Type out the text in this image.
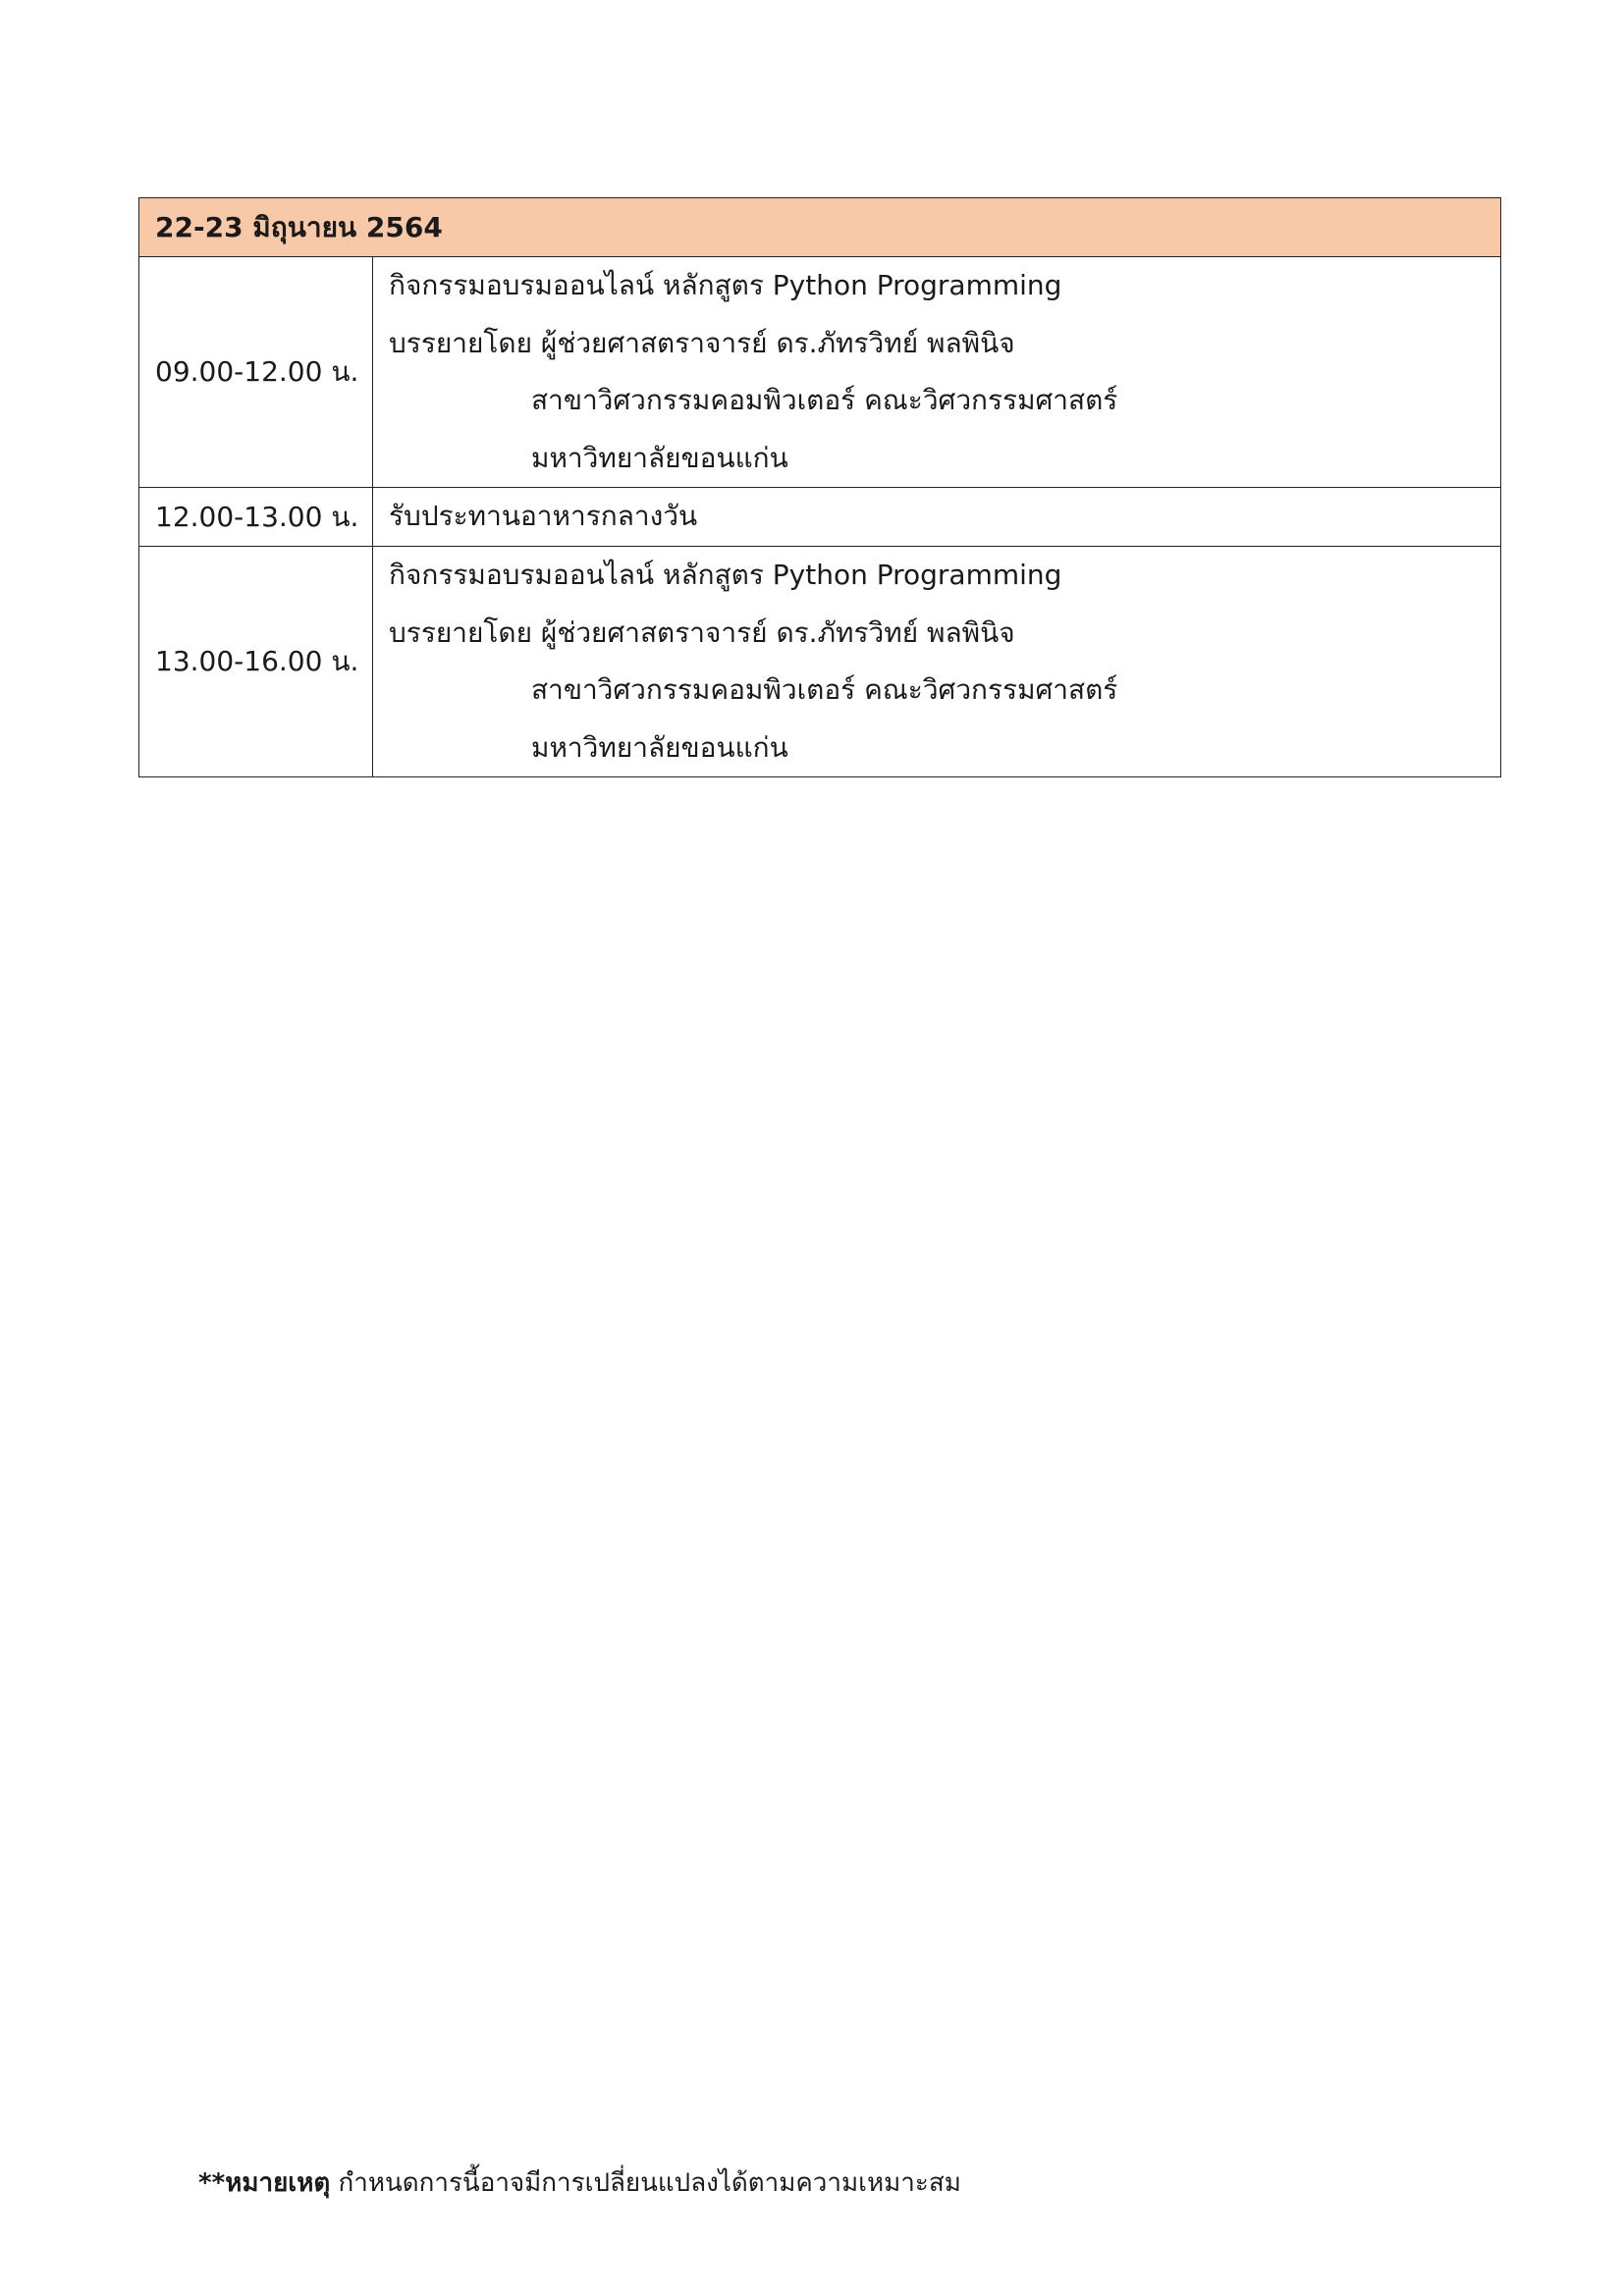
22-23 มิถุนายน 2564	
09.00-12.00 น.	กิจกรรมอบรมออนไลน์ หลักสูตร Python Programming
บรรยายโดย ผู้ช่วยศาสตราจารย์ ดร.ภัทรวิทย์ พลพินิจ
สาขาวิศวกรรมคอมพิวเตอร์ คณะวิศวกรรมศาสตร์
มหาวิทยาลัยขอนแก่น

12.00-13.00 น.	รับประทานอาหารกลางวัน

13.00-16.00 น.	กิจกรรมอบรมออนไลน์ หลักสูตร Python Programming
บรรยายโดย ผู้ช่วยศาสตราจารย์ ดร.ภัทรวิทย์ พลพินิจ
สาขาวิศวกรรมคอมพิวเตอร์ คณะวิศวกรรมศาสตร์
มหาวิทยาลัยขอนแก่น
**หมายเหตุ กำหนดการนี้อาจมีการเปลี่ยนแปลงได้ตามความเหมาะสม
